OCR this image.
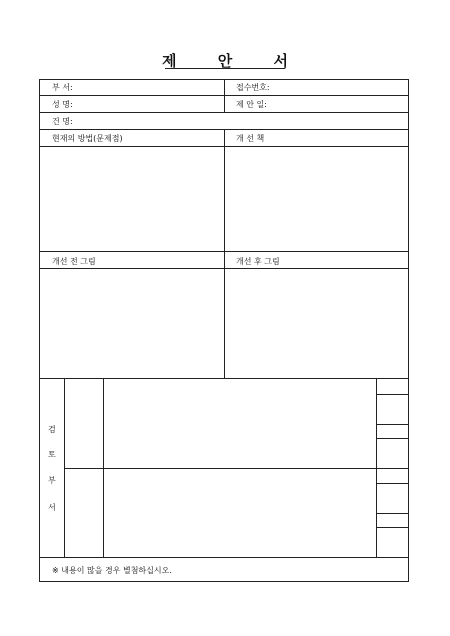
제	안	서
부 서:	접수번호:
성 명:	제 안 일:
건 명:
현재의 방법(문제점)	개 선 책
개선 전 그림	개선 후 그림
검
토
부
서
※ 내용이 많을 경우 별첨하십시오.
